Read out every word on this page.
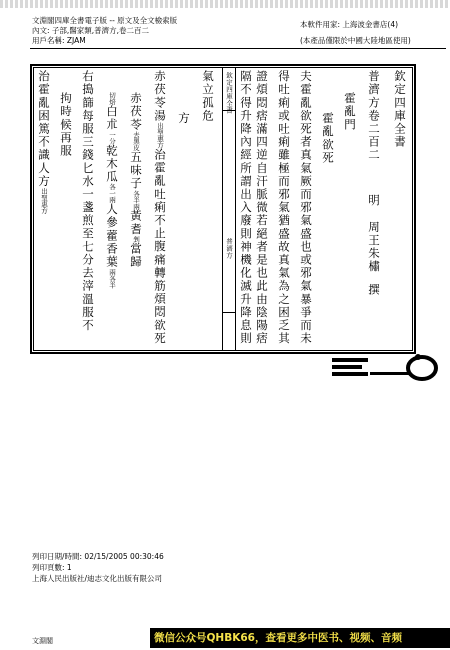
文淵閣四庫全書電子版 -- 原文及全文檢索版
內文: 子部,醫家類,普濟方,卷二百二
用戶名稱: ZJAM
本軟件用家: 上海波金書店(4)
(本產品僅限於中國大陸地區使用)
欽定四庫全書
普濟方卷二百二明周王朱橚撰
霍亂門
霍亂欲死
夫霍亂欲死者真氣厥而邪氣盛也或邪氣暴爭而未
得吐痢或吐痢雖極而邪氣猶盛故真氣為之困乏其
證煩悶痞滿四逆自汗脈微若絕者是也此由陰陽痞
隔不得升降內經所謂出入廢則神機化滅升降息則
欽定四庫全書
普濟方
氣立孤危
方
赤茯苓湯出聖惠方治霍亂吐痢不止腹痛轉筋煩悶欲死
赤茯苓去黑皮五味子各半兩黃耆剉當歸
切焙白朮一分乾木瓜各一兩人參藿香葉兩各半
右搗篩每服三錢匕水一盞煎至七分去滓溫服不
拘時候再服
治霍亂困篤不識人方出聖惠方
列印日期/時間: 02/15/2005 00:30:46
列印頁數: 1
上海人民出版社/迪志文化出版有限公司
文淵閣	微信公众号QHBK66，查看更多中医书、视频、音频
